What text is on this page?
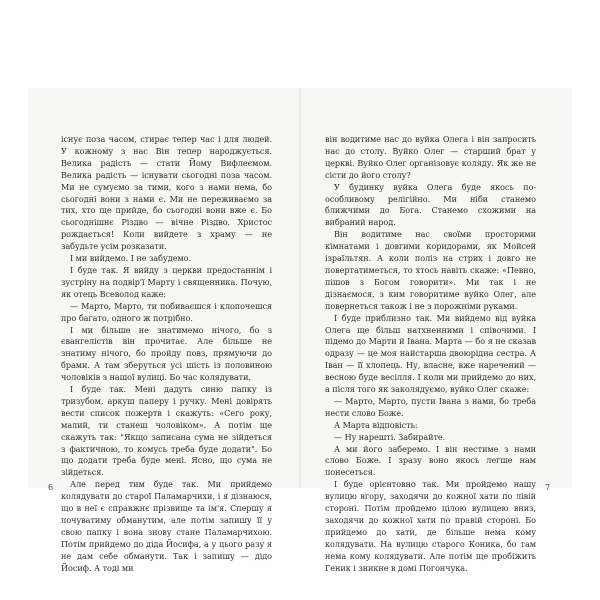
існує поза часом, стирає тепер час і для людей. У кожному з нас Він тепер народжується. Велика радість — стати Йому Вифлеємом. Велика радість — існувати сьогодні поза часом. Ми не сумуємо за тими, кого з нами нема, бо сьогодні вони з нами є. Ми не переживаємо за тих, хто ще прийде, бо сьогодні вони вже є. Бо сьогоднішнє Різдво — вічне Різдво. Христос рождається! Коли вийдете з храму — не забудьте усім розказати.

І ми вийдемо. І не забудемо.

І буде так. Я вийду з церкви предостаннім і зустріну на подвір'ї Марту і священника. Почую, як отець Всеволод каже:

— Марто, Марто, ти побиваєшся і клопочешся про багато, одного ж потрібно.

І ми більше не знатимемо нічого, бо з євангелістів він прочитає. Але більше не знатиму нічого, бо пройду повз, прямуючи до брами. А там зберуться усі шість із половиною чоловіків з нашої вулиці. Бо час колядувати.

І буде так. Мені дадуть синю папку із тризубом, аркуш паперу і ручку. Мені довірять вести список пожертв і скажуть: «Сего року, малий, ти станеш чоловіком». А потім ще скажуть так: "Якщо записана сума не зійдеться з фактичною, то комусь треба буде додати". Бо що додати треба буде мені. Ясно, що сума не зійдеться.

Але перед тим буде так. Ми прийдемо колядувати до старої Паламарчихи, і я дізнаюся, що в неї є справжнє прізвище та ім'я. Спершу я почуватиму обманутим, але потім запишу її у свою папку і вона знову стане Паламарчихою. Потім прийдемо до діда Йосифа, а у цього разу я не дам себе обманути. Так і запишу — дідо Йосиф. А тоді ми

він водитиме нас до вуйка Олега і він запросить нас до столу. Вуйко Олег — старший брат у церкві. Вуйко Олег організовує коляду. Як же не сісти до його столу?

У будинку вуйка Олега буде якось по-особливому релігійно. Ми ніби станемо ближчими до Бога. Станемо схожими на вибраний народ.

Він водитиме нас своїми просторими кімнатами і довгими коридорами, як Мойсей ізраїльтян. А коли поліз на стрих і довго не повертатиметься, то хтось навіть скаже: «Певно, пішов з Богом говорити». Ми так і не дізнаємося, з ким говоритиме вуйко Олег, але повернеться також і не з порожніми руками.

І буде приблизно так. Ми вийдемо від вуйка Олега ще більш натхненними і співочими. І підемо до Марти й Івана. Марта — бо я не сказав одразу — це моя найстарша двоюрідна сестра. А Іван — її хлопець. Ну, власне, вже наречений — весною буде весілля. І коли ми прийдемо до них, а після того як заколядуємо, вуйко Олег скаже:

— Марто, Марто, пусти Івана з нами, бо треба нести слово Боже.

А Марта відповість:

— Ну нарешті. Забирайте.

А ми його заберемо. І він нестиме з нами слово Боже. І зразу воно якось легше нам понесеться.

І буде орієнтовно так. Ми пройдемо нашу вулицю вгору, заходячи до кожної хати по лівій стороні. Потім пройдемо цілою вулицею вниз, заходячи до кожної хати по правій стороні. Бо прийдемо до хати, де більше нема кому колядувати. На вулицю старого Коника, бо там нема кому колядувати. Але потім ще пробіжить Геник і зникне в домі Погончука.

6	7
